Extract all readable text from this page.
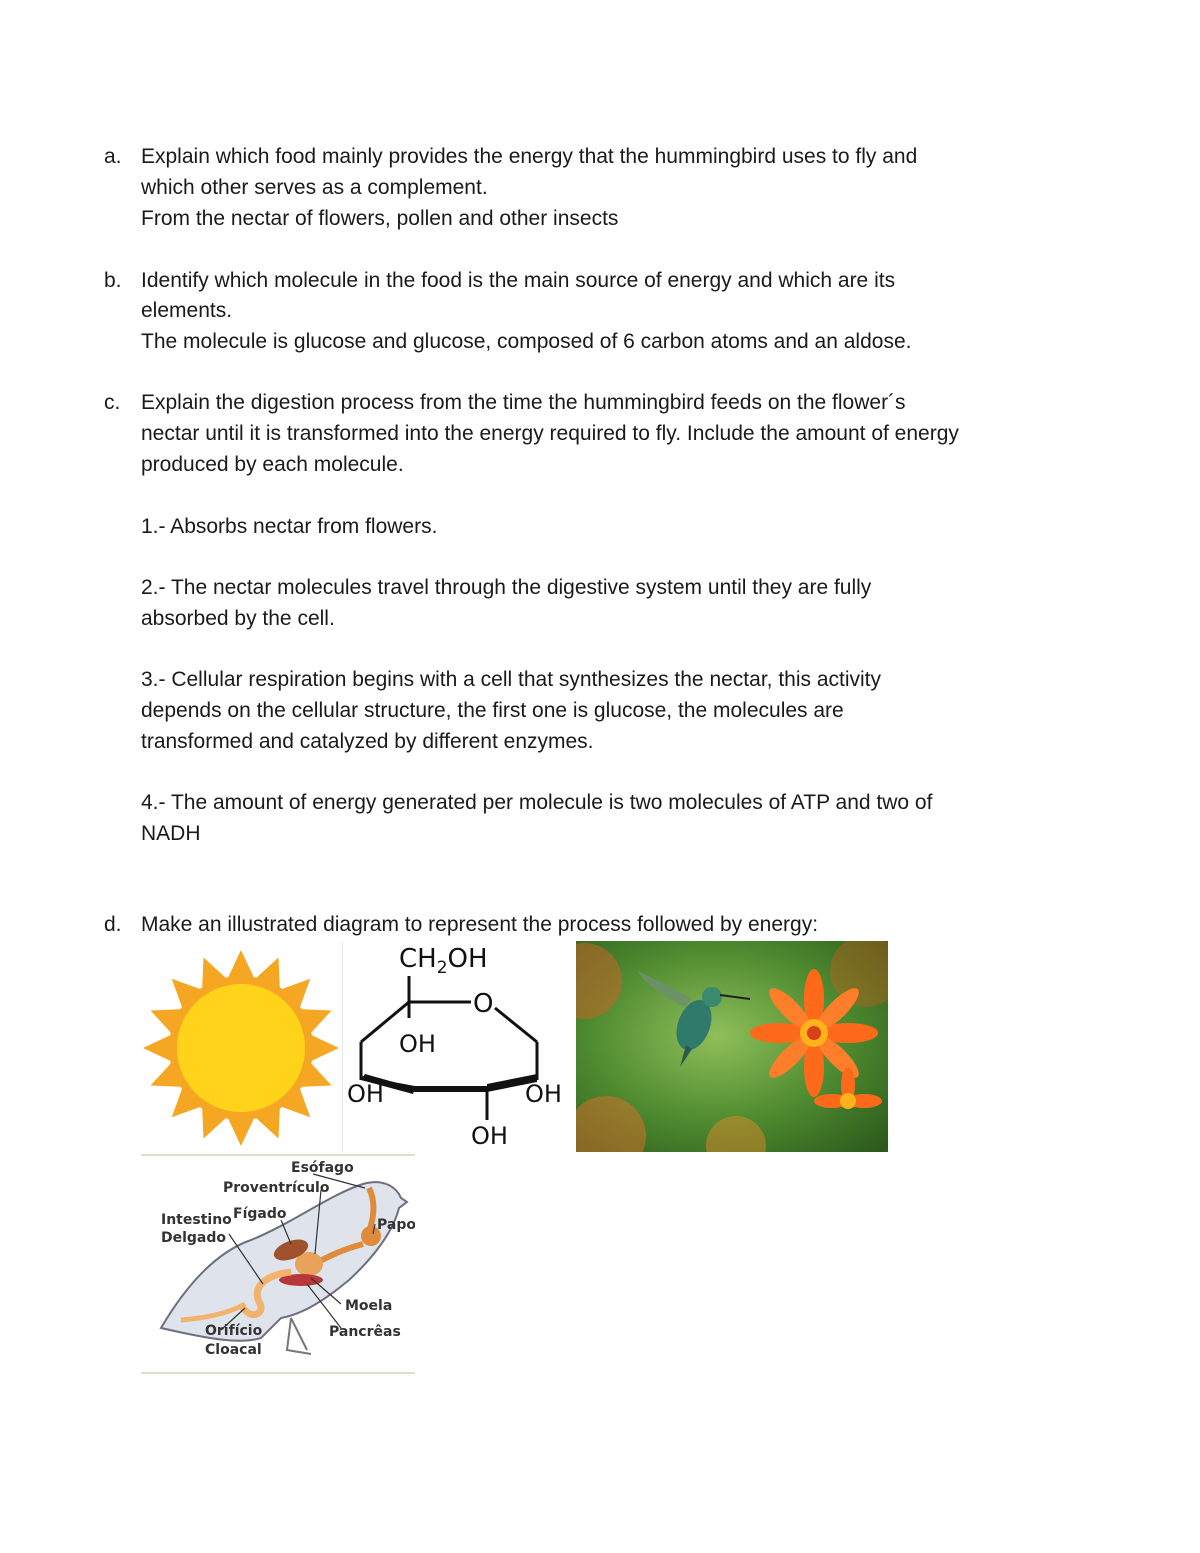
a. Explain which food mainly provides the energy that the hummingbird uses to fly and
which other serves as a complement.
From the nectar of flowers, pollen and other insects
b. Identify which molecule in the food is the main source of energy and which are its
elements.
The molecule is glucose and glucose, composed of 6 carbon atoms and an aldose.
c. Explain the digestion process from the time the hummingbird feeds on the flower´s
nectar until it is transformed into the energy required to fly. Include the amount of energy
produced by each molecule.
1.- Absorbs nectar from flowers.
2.- The nectar molecules travel through the digestive system until they are fully
absorbed by the cell.
3.- Cellular respiration begins with a cell that synthesizes the nectar, this activity
depends on the cellular structure, the first one is glucose, the molecules are
transformed and catalyzed by different enzymes.
4.- The amount of energy generated per molecule is two molecules of ATP and two of
NADH
d. Make an illustrated diagram to represent the process followed by energy:
$CH_2OH$
O
OH
OH	OH
OH
Esófago
Proventrículo
Fígado
Intestino
Delgado
Papo
Moela
Orifício
Cloacal
Pancrêas
